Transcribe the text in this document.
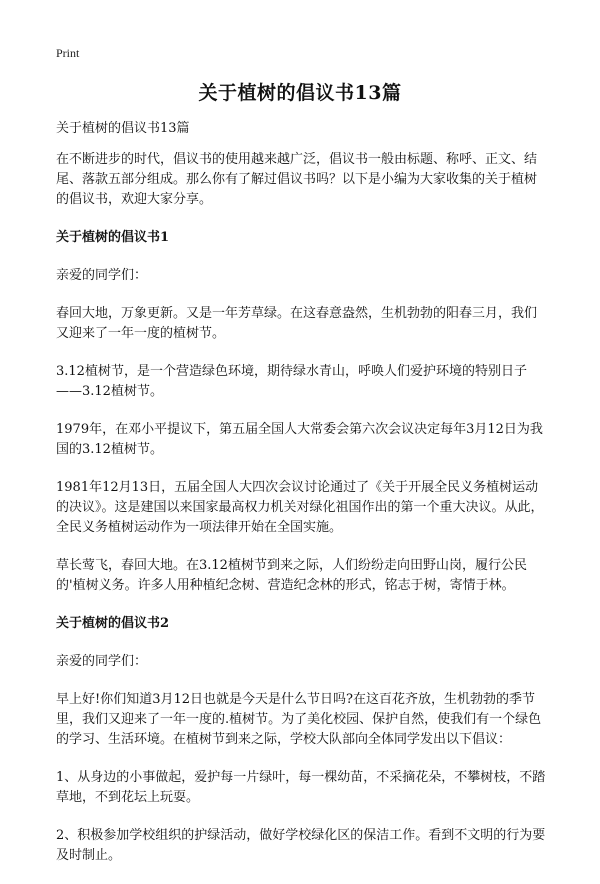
Print
关于植树的倡议书13篇

关于植树的倡议书13篇

在不断进步的时代，倡议书的使用越来越广泛，倡议书一般由标题、称呼、正文、结尾、落款五部分组成。那么你有了解过倡议书吗？以下是小编为大家收集的关于植树的倡议书，欢迎大家分享。

关于植树的倡议书1

亲爱的同学们：

春回大地，万象更新。又是一年芳草绿。在这春意盎然，生机勃勃的阳春三月，我们又迎来了一年一度的植树节。

3.12植树节，是一个营造绿色环境，期待绿水青山，呼唤人们爱护环境的特别日子——3.12植树节。

1979年，在邓小平提议下，第五届全国人大常委会第六次会议决定每年3月12日为我国的3.12植树节。

1981年12月13日，五届全国人大四次会议讨论通过了《关于开展全民义务植树运动的决议》。这是建国以来国家最高权力机关对绿化祖国作出的第一个重大决议。从此，全民义务植树运动作为一项法律开始在全国实施。

草长莺飞，春回大地。在3.12植树节到来之际，人们纷纷走向田野山岗，履行公民的'植树义务。许多人用种植纪念树、营造纪念林的形式，铭志于树，寄情于林。

关于植树的倡议书2

亲爱的同学们：

早上好!你们知道3月12日也就是今天是什么节日吗?在这百花齐放，生机勃勃的季节里，我们又迎来了一年一度的.植树节。为了美化校园、保护自然，使我们有一个绿色的学习、生活环境。在植树节到来之际，学校大队部向全体同学发出以下倡议：

1、从身边的小事做起，爱护每一片绿叶，每一棵幼苗，不采摘花朵，不攀树枝，不踏草地，不到花坛上玩耍。

2、积极参加学校组织的护绿活动，做好学校绿化区的保洁工作。看到不文明的行为要及时制止。
